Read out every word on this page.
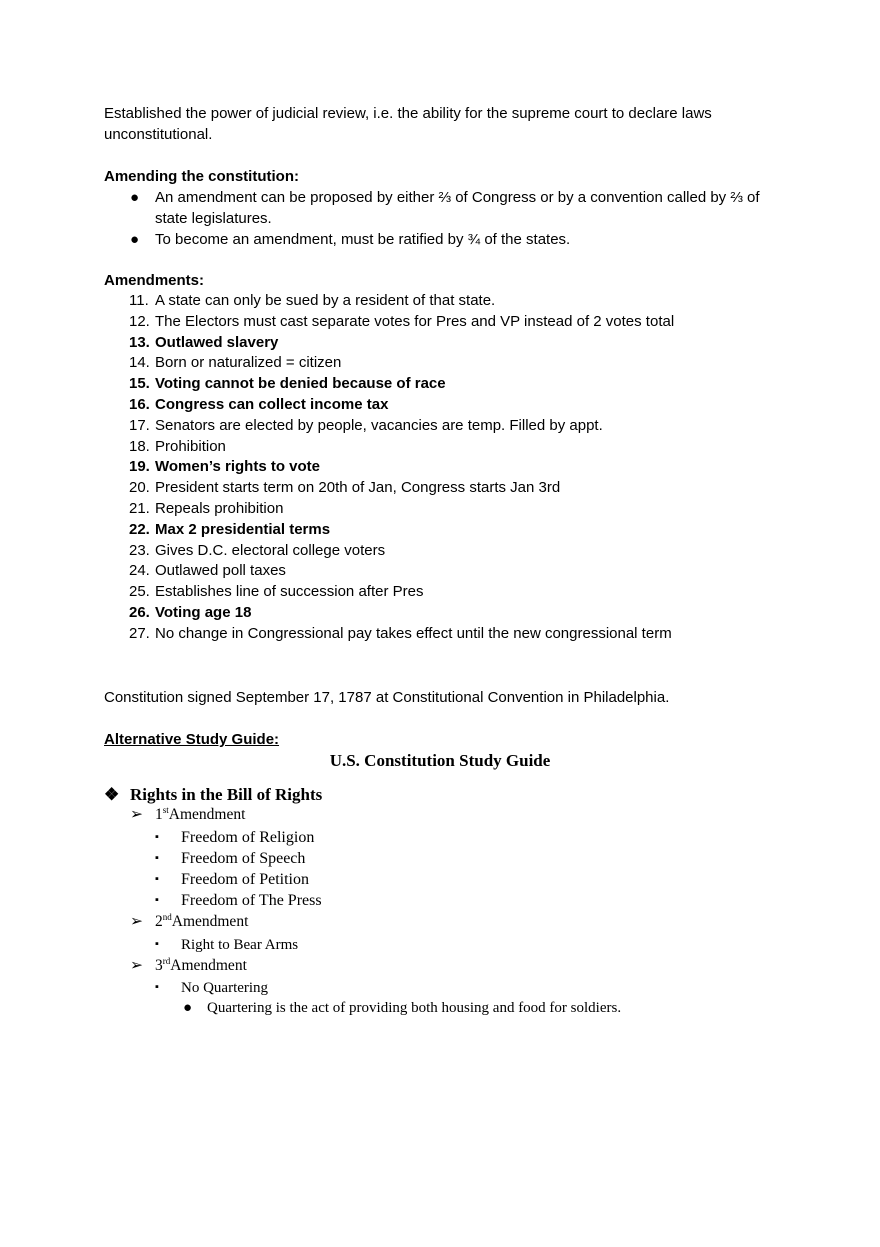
Established the power of judicial review, i.e. the ability for the supreme court to declare laws unconstitutional.
Amending the constitution:
● An amendment can be proposed by either ⅔ of Congress or by a convention called by ⅔ of state legislatures.
● To become an amendment, must be ratified by ¾ of the states.
Amendments:
11. A state can only be sued by a resident of that state.
12. The Electors must cast separate votes for Pres and VP instead of 2 votes total
13. Outlawed slavery
14. Born or naturalized = citizen
15. Voting cannot be denied because of race
16. Congress can collect income tax
17. Senators are elected by people, vacancies are temp. Filled by appt.
18. Prohibition
19. Women’s rights to vote
20. President starts term on 20th of Jan, Congress starts Jan 3rd
21. Repeals prohibition
22. Max 2 presidential terms
23. Gives D.C. electoral college voters
24. Outlawed poll taxes
25. Establishes line of succession after Pres
26. Voting age 18
27. No change in Congressional pay takes effect until the new congressional term
Constitution signed September 17, 1787 at Constitutional Convention in Philadelphia.
Alternative Study Guide:
U.S. Constitution Study Guide
❖ Rights in the Bill of Rights
➢ 1stAmendment
▪ Freedom of Religion
▪ Freedom of Speech
▪ Freedom of Petition
▪ Freedom of The Press
➢ 2ndAmendment
▪ Right to Bear Arms
➢ 3rdAmendment
▪ No Quartering
● Quartering is the act of providing both housing and food for soldiers.
